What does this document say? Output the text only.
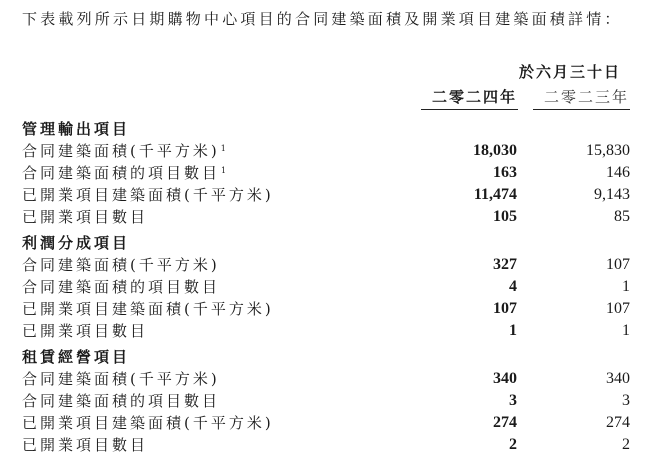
下表載列所示日期購物中心項目的合同建築面積及開業項目建築面積詳情：

於六月三十日
二零二四年 二零二三年
管理輸出項目
合同建築面積(千平方米)$^1$	18,030	15,830
合同建築面積的項目數目$^1$	163	146
已開業項目建築面積(千平方米)	11,474	9,143
已開業項目數目	105	85
利潤分成項目
合同建築面積(千平方米)	327	107
合同建築面積的項目數目	4	1
已開業項目建築面積(千平方米)	107	107
已開業項目數目	1	1
租賃經營項目
合同建築面積(千平方米)	340	340
合同建築面積的項目數目	3	3
已開業項目建築面積(千平方米)	274	274
已開業項目數目	2	2
